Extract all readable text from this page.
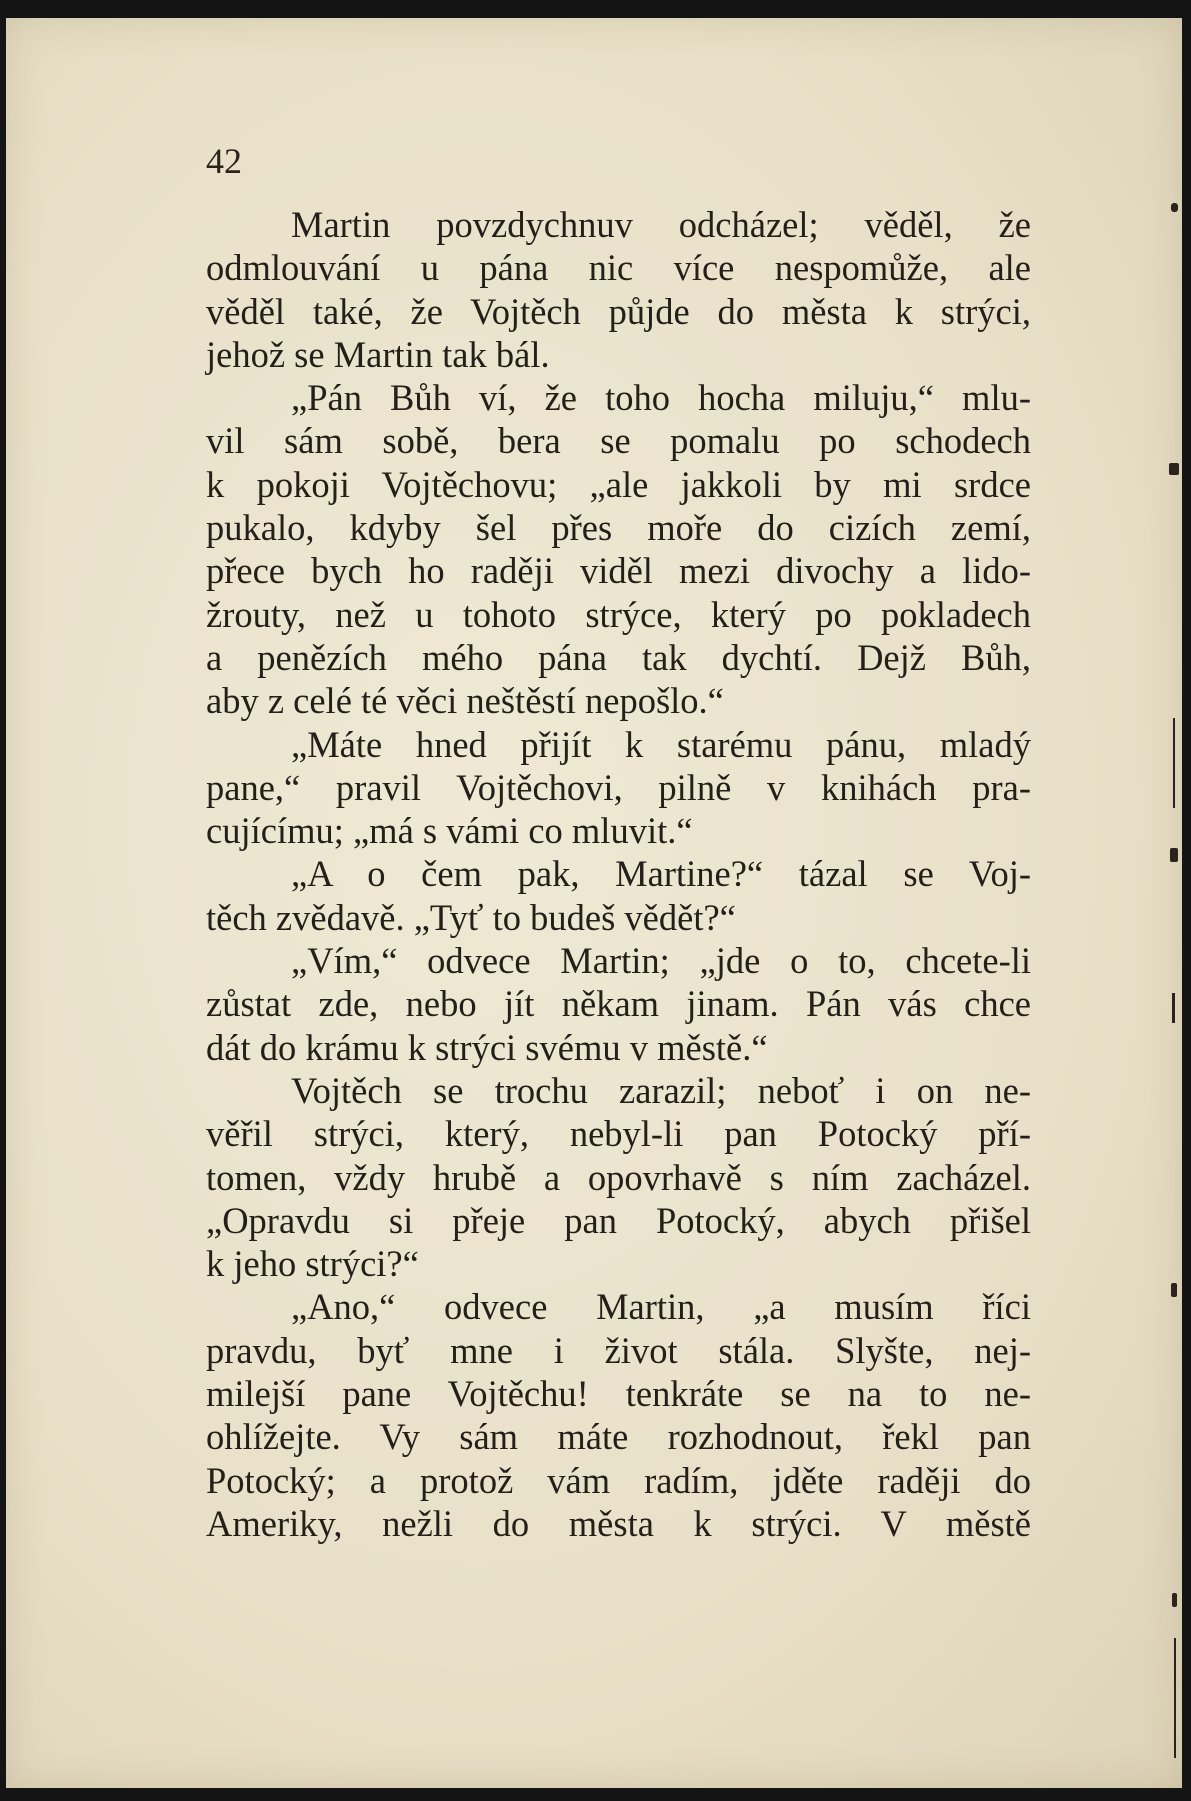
42
Martin povzdychnuv odcházel; věděl, že
odmlouvání u pána nic více nespomůže, ale
věděl také, že Vojtěch půjde do města k strýci,
jehož se Martin tak bál.
„Pán Bůh ví, že toho hocha miluju,“ mlu-
vil sám sobě, bera se pomalu po schodech
k pokoji Vojtěchovu; „ale jakkoli by mi srdce
pukalo, kdyby šel přes moře do cizích zemí,
přece bych ho raději viděl mezi divochy a lido-
žrouty, než u tohoto strýce, který po pokladech
a penězích mého pána tak dychtí. Dejž Bůh,
aby z celé té věci neštěstí nepošlo.“
„Máte hned přijít k starému pánu, mladý
pane,“ pravil Vojtěchovi, pilně v knihách pra-
cujícímu; „má s vámi co mluvit.“
„A o čem pak, Martine?“ tázal se Voj-
těch zvědavě. „Tyť to budeš vědět?“
„Vím,“ odvece Martin; „jde o to, chcete-li
zůstat zde, nebo jít někam jinam. Pán vás chce
dát do krámu k strýci svému v městě.“
Vojtěch se trochu zarazil; neboť i on ne-
věřil strýci, který, nebyl-li pan Potocký pří-
tomen, vždy hrubě a opovrhavě s ním zacházel.
„Opravdu si přeje pan Potocký, abych přišel
k jeho strýci?“
„Ano,“ odvece Martin, „a musím říci
pravdu, byť mne i život stála. Slyšte, nej-
milejší pane Vojtěchu! tenkráte se na to ne-
ohlížejte. Vy sám máte rozhodnout, řekl pan
Potocký; a protož vám radím, jděte raději do
Ameriky, nežli do města k strýci. V městě
